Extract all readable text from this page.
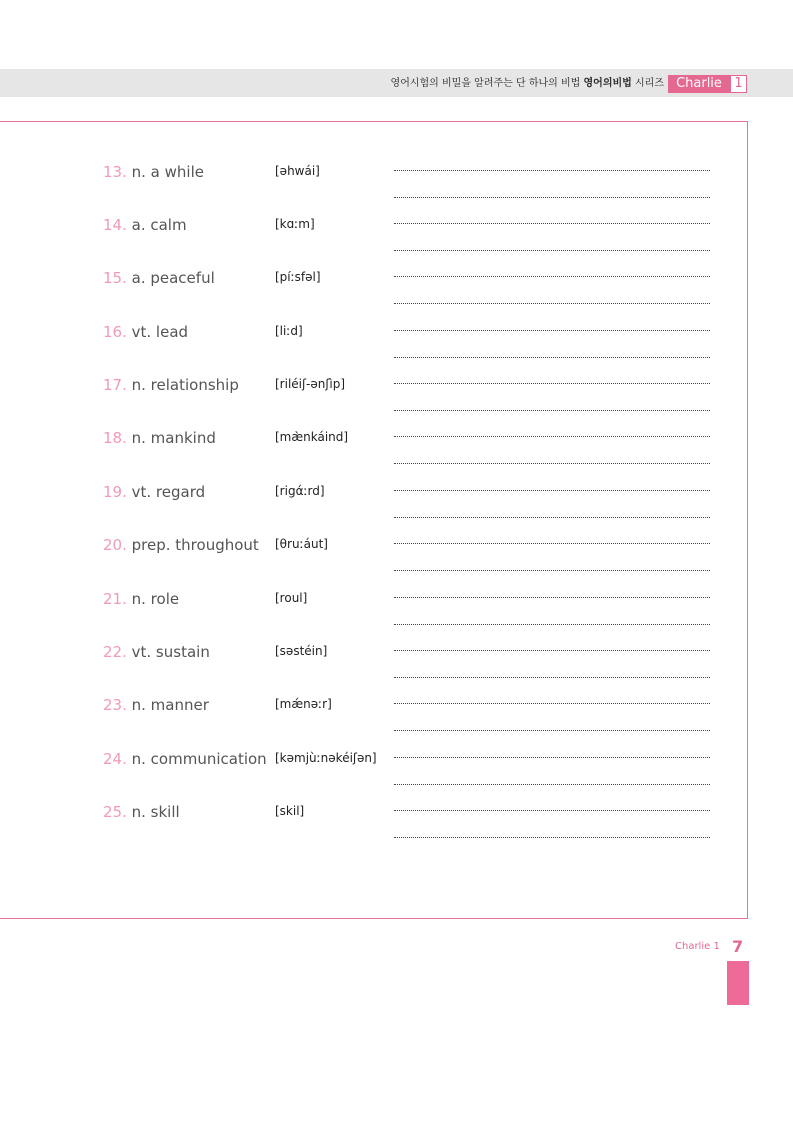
영어시험의 비밀을 알려주는 단 하나의 비법 영어의비법 시리즈 Charlie 1
13. n. a while	[əhwái]
14. a. calm	[kɑːm]
15. a. peaceful	[píːsfəl]
16. vt. lead	[liːd]
17. n. relationship	[riléiʃ-ənʃìp]
18. n. mankind	[mæ̀nkáind]
19. vt. regard	[rigάːrd]
20. prep. throughout [θruːáut]
21. n. role	[roul]
22. vt. sustain	[səstéin]
23. n. manner	[mǽnəːr]
24. n. communication [kəmjùːnəkéiʃən]
25. n. skill	[skil]
Charlie 1 7
